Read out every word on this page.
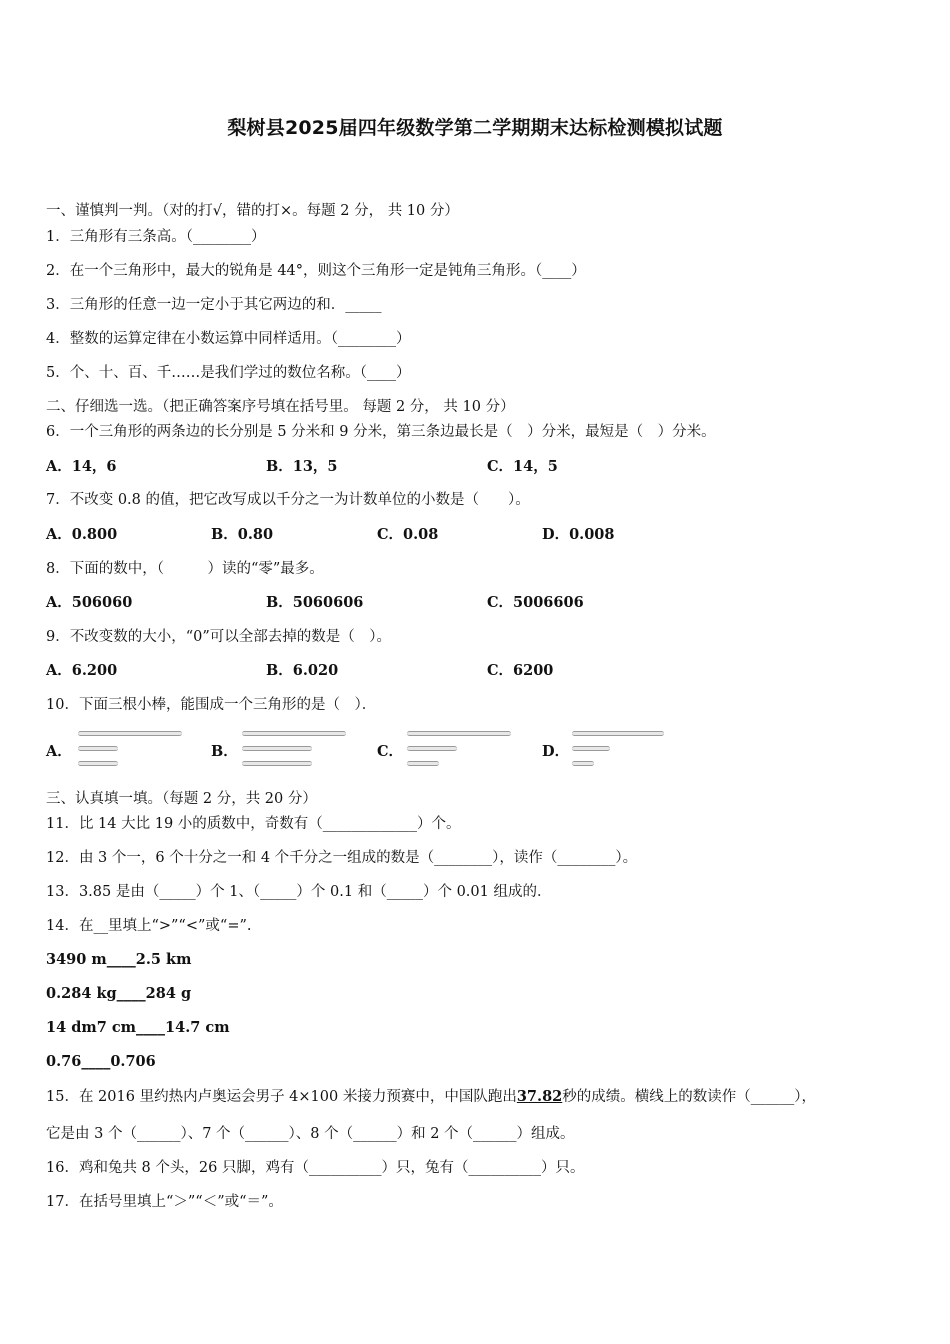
梨树县2025届四年级数学第二学期期末达标检测模拟试题
一、谨慎判一判。（对的打√，错的打×。每题 2 分， 共 10 分）
1．三角形有三条高。（________）
2．在一个三角形中，最大的锐角是 44°，则这个三角形一定是钝角三角形。（____）
3．三角形的任意一边一定小于其它两边的和．_____
4．整数的运算定律在小数运算中同样适用。（________）
5．个、十、百、千……是我们学过的数位名称。（____）
二、仔细选一选。（把正确答案序号填在括号里。 每题 2 分， 共 10 分）
6．一个三角形的两条边的长分别是 5 分米和 9 分米，第三条边最长是（　）分米，最短是（　）分米。
A．14，6	B．13，5	C．14，5
7．不改变 0.8 的值，把它改写成以千分之一为计数单位的小数是（　　）。
A．0.800	B．0.80	C．0.08	D．0.008
8．下面的数中，（　　　）读的“零”最多。
A．506060	B．5060606	C．5006606
9．不改变数的大小，“0”可以全部去掉的数是（　）。
A．6.200	B．6.020	C．6200
10．下面三根小棒，能围成一个三角形的是（　）．
A．	B．	C．	D．
三、认真填一填。（每题 2 分，共 20 分）
11．比 14 大比 19 小的质数中，奇数有（_____________）个。
12．由 3 个一，6 个十分之一和 4 个千分之一组成的数是（________），读作（________）。
13．3.85 是由（_____）个 1、（_____）个 0.1 和（_____）个 0.01 组成的．
14．在__里填上“>”“<”或“=”.
3490 m____2.5 km
0.284 kg____284 g
14 dm7 cm____14.7 cm
0.76____0.706
15．在 2016 里约热内卢奥运会男子 4×100 米接力预赛中，中国队跑出37.82秒的成绩。横线上的数读作（______），
它是由 3 个（______）、7 个（______）、8 个（______）和 2 个（______）组成。
16．鸡和兔共 8 个头，26 只脚，鸡有（__________）只，兔有（__________）只。
17．在括号里填上“＞”“＜”或“＝”。
